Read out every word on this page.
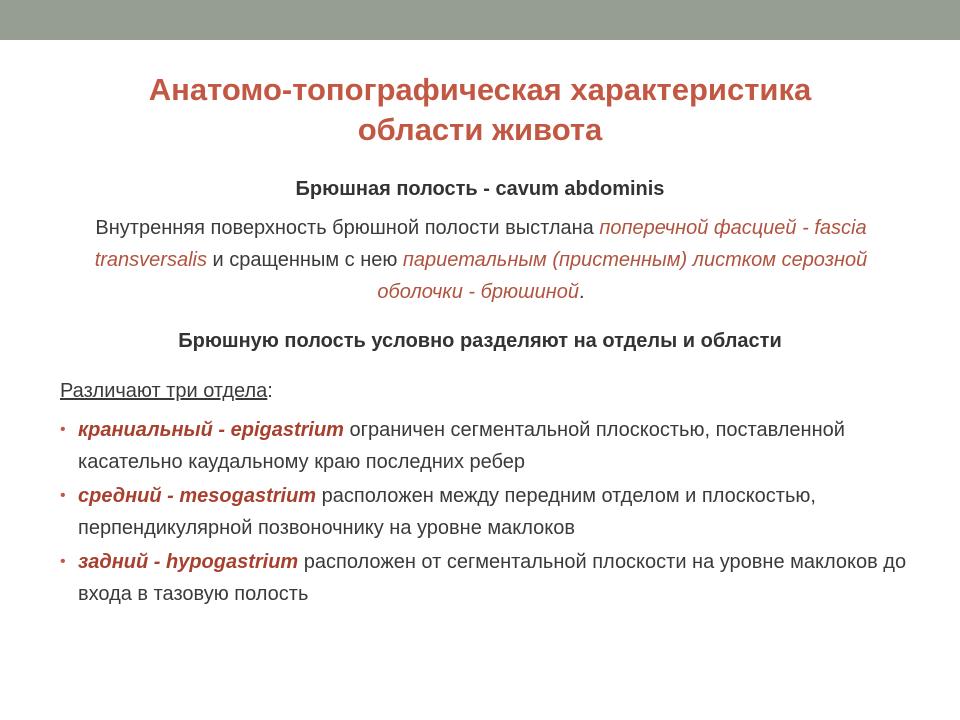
Анатомо-топографическая характеристика
области живота
Брюшная полость - cavum abdominis
Внутренняя поверхность брюшной полости выстлана поперечной фасцией - fascia transversalis и сращенным с нею париетальным (пристенным) листком серозной оболочки - брюшиной.
Брюшную полость условно разделяют на отделы и области
Различают три отдела:
• краниальный - epigastrium ограничен сегментальной плоскостью, поставленной касательно каудальному краю последних ребер
• средний - mesogastrium расположен между передним отделом и плоскостью, перпендикулярной позвоночнику на уровне маклоков
• задний - hypogastrium расположен от сегментальной плоскости на уровне маклоков до входа в тазовую полость
